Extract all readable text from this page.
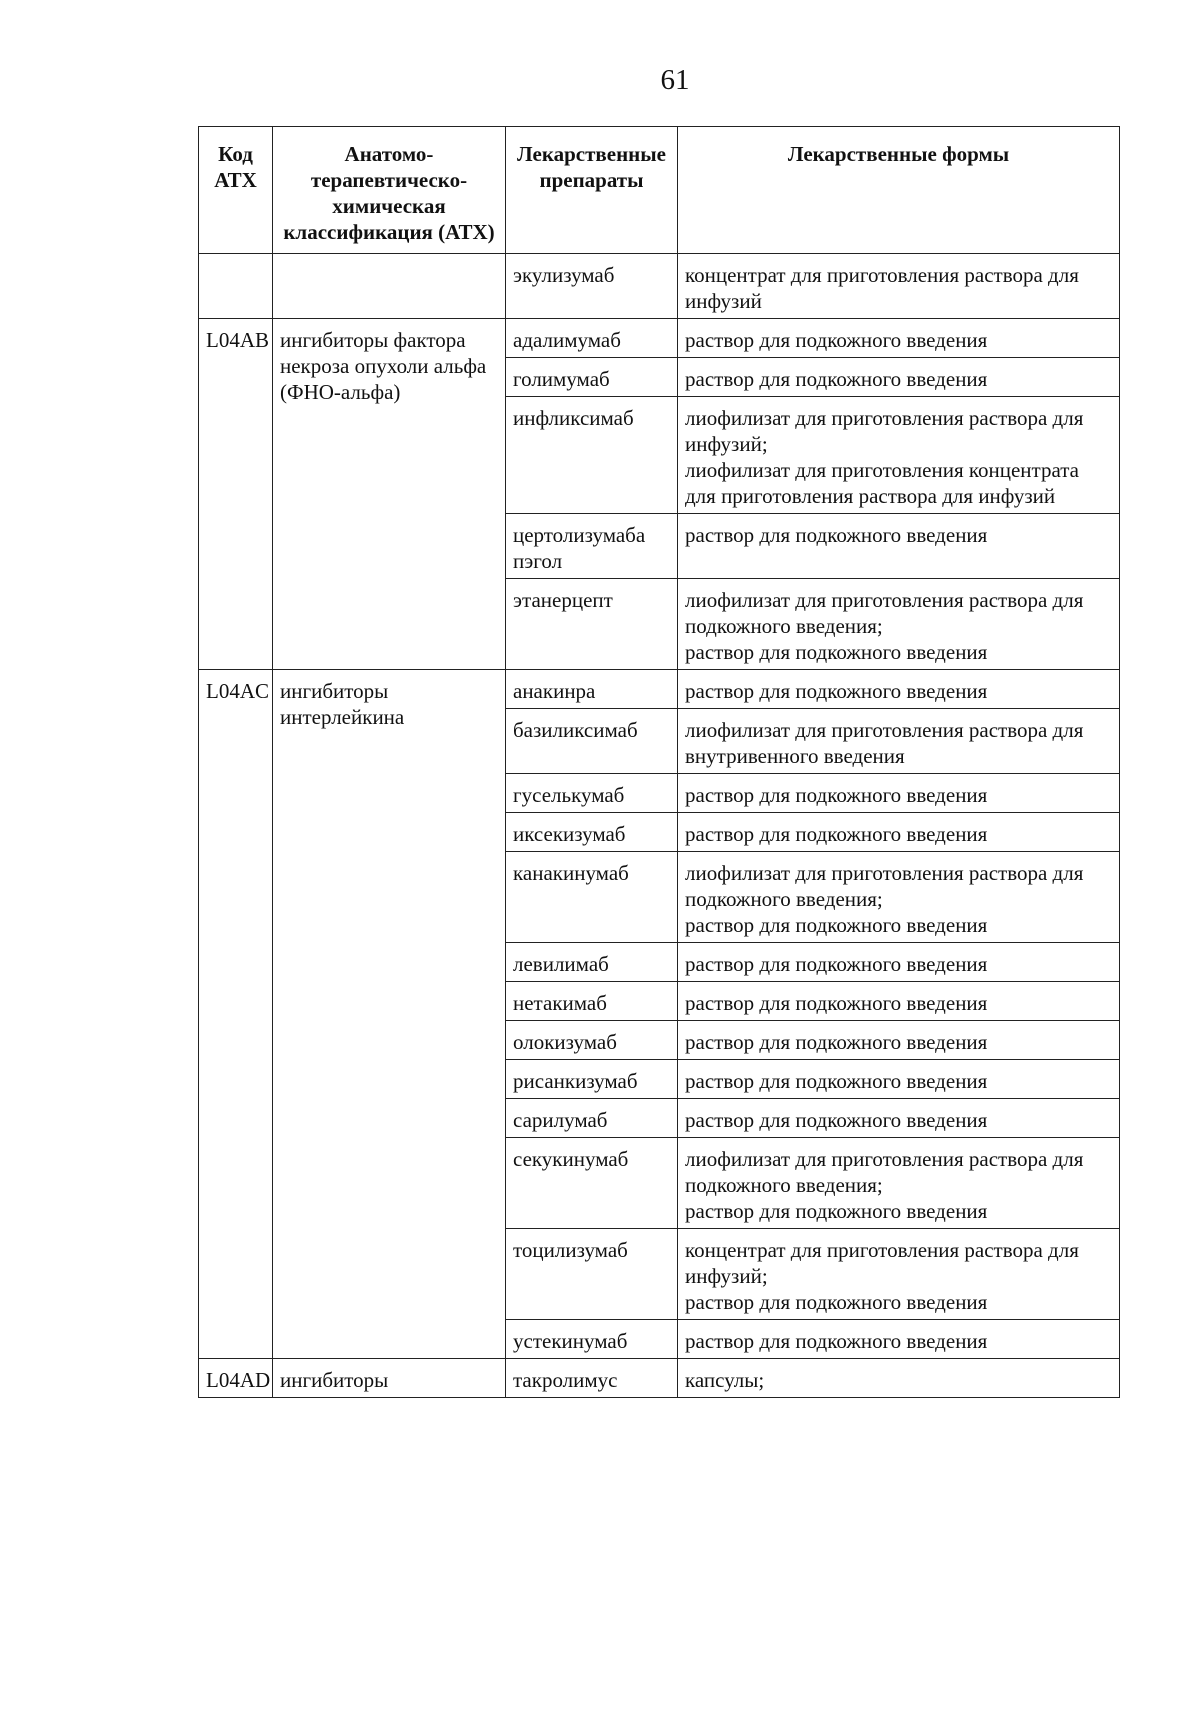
61
Код АТХ	Анатомо-терапевтическо-химическая классификация (АТХ)	Лекарственные препараты	Лекарственные формы
		экулизумаб	концентрат для приготовления раствора для инфузий
L04AB	ингибиторы фактора некроза опухоли альфа (ФНО-альфа)	адалимумаб	раствор для подкожного введения
		голимумаб	раствор для подкожного введения
		инфликсимаб	лиофилизат для приготовления раствора для инфузий;
лиофилизат для приготовления концентрата для приготовления раствора для инфузий
		цертолизумаба пэгол	раствор для подкожного введения
		этанерцепт	лиофилизат для приготовления раствора для подкожного введения;
раствор для подкожного введения
L04AC	ингибиторы интерлейкина	анакинра	раствор для подкожного введения
		базиликсимаб	лиофилизат для приготовления раствора для внутривенного введения
		гуселькумаб	раствор для подкожного введения
		иксекизумаб	раствор для подкожного введения
		канакинумаб	лиофилизат для приготовления раствора для подкожного введения;
раствор для подкожного введения
		левилимаб	раствор для подкожного введения
		нетакимаб	раствор для подкожного введения
		олокизумаб	раствор для подкожного введения
		рисанкизумаб	раствор для подкожного введения
		сарилумаб	раствор для подкожного введения
		секукинумаб	лиофилизат для приготовления раствора для подкожного введения;
раствор для подкожного введения
		тоцилизумаб	концентрат для приготовления раствора для инфузий;
раствор для подкожного введения
		устекинумаб	раствор для подкожного введения
L04AD	ингибиторы	такролимус	капсулы;
